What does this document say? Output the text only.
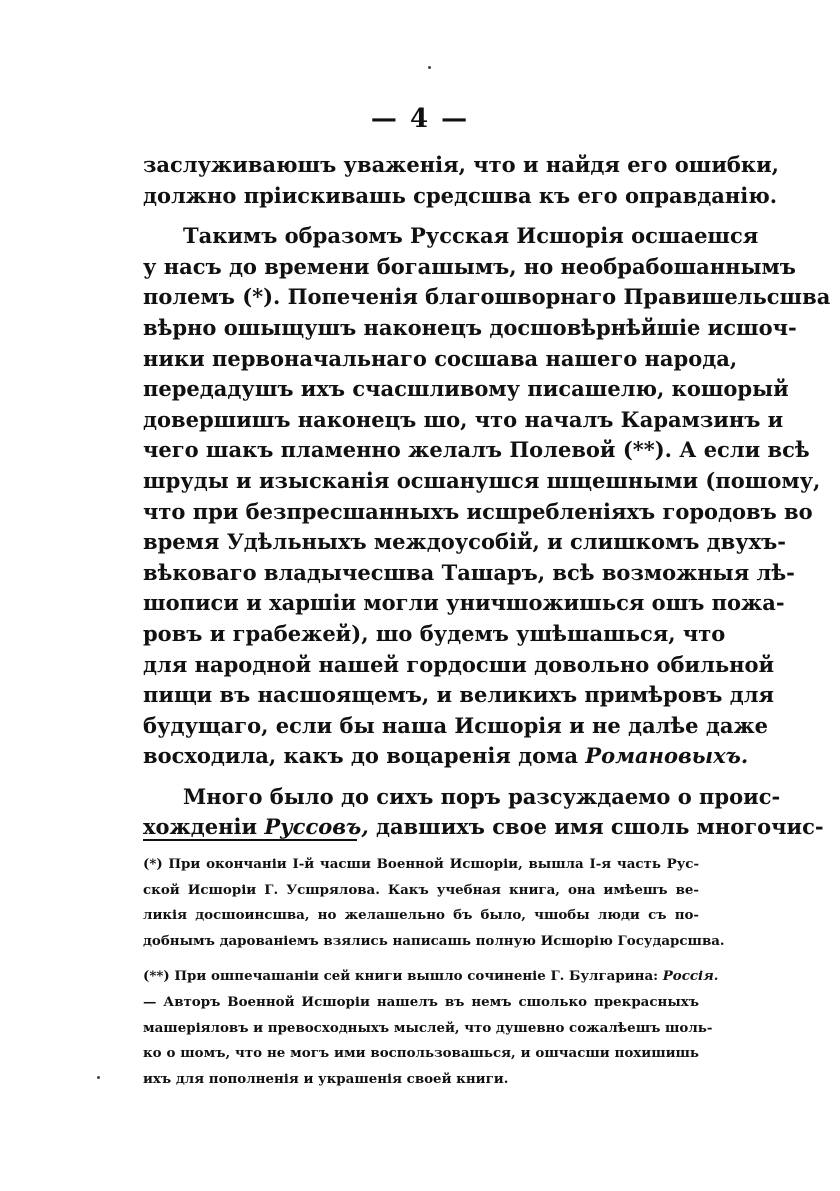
— 4 —
заслуживаюшъ уваженія, что и найдя его ошибки,
должно пріискивашь средсшва къ его оправданію.
Такимъ образомъ Русская Исшорія осшаешся
у насъ до времени богашымъ, но необрабошаннымъ
полемъ (*). Попеченія благошворнаго Правишельсшва
вѣрно ошыщушъ наконецъ досшовѣрнѣйшіе исшоч-
ники первоначальнаго сосшава нашего народа,
передадушъ ихъ счасшливому писашелю, кошорый
довершишъ наконецъ шо, что началъ Карамзинъ и
чего шакъ пламенно желалъ Полевой (**). А если всѣ
шруды и изысканія осшанушся шщешными (пошому,
что при безпресшанныхъ исшребленіяхъ городовъ во
время Удѣльныхъ междоусобій, и слишкомъ двухъ-
вѣковаго владычесшва Ташаръ, всѣ возможныя лѣ-
шописи и харшіи могли уничшожишься ошъ пожа-
ровъ и грабежей), шо будемъ ушѣшашься, что
для народной нашей гордосши довольно обильной
пищи въ насшоящемъ, и великихъ примѣровъ для
будущаго, если бы наша Исшорія и не далѣе даже
восходила, какъ до воцаренія дома Романовыхъ.
Много было до сихъ поръ разсуждаемо о проис-
хожденіи Руссовъ, давшихъ свое имя сшоль многочис-
(*) При окончаніи I-й часши Военной Исшоріи, вышла I-я часть Рус-
ской Исшоріи Г. Усшрялова. Какъ учебная книга, она имѣешъ ве-
ликія досшоинсшва, но желашельно бъ было, чшобы люди съ по-
добнымъ дарованіемъ взялись написашь полную Исшорію Государсшва.
(**) При ошпечашаніи сей книги вышло сочиненіе Г. Булгарина: Россія.
— Авторъ Военной Исшоріи нашелъ въ немъ сшолько прекрасныхъ
машеріяловъ и превосходныхъ мыслей, что душевно сожалѣешъ шоль-
ко о шомъ, что не могъ ими воспользовашься, и ошчасши похишишь
ихъ для пополненія и украшенія своей книги.
